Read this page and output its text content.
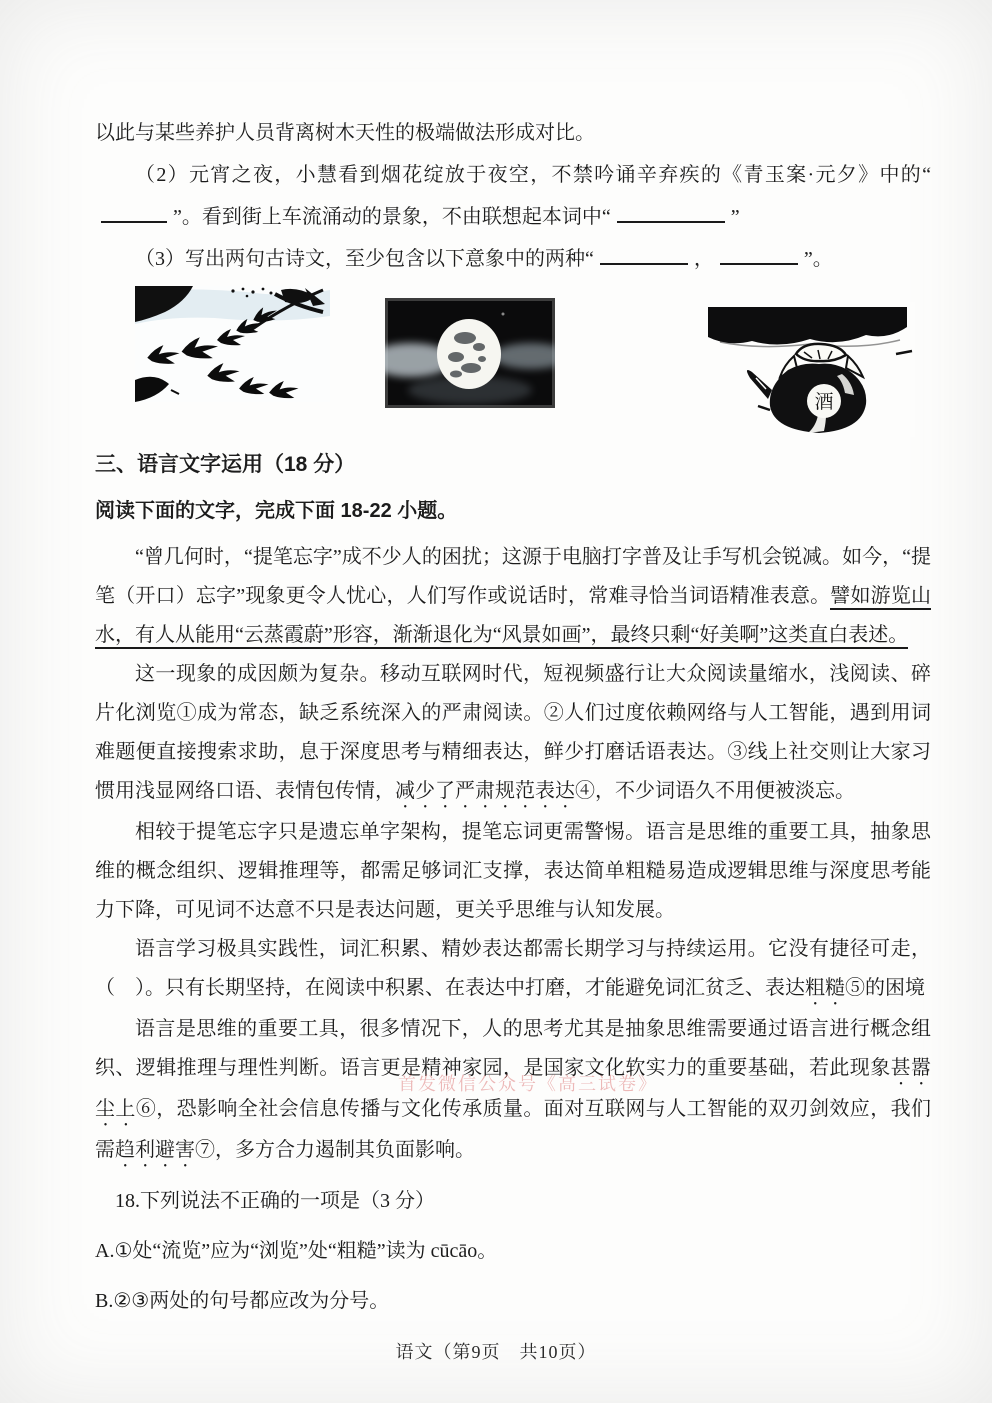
以此与某些养护人员背离树木天性的极端做法形成对比。

（2）元宵之夜，小慧看到烟花绽放于夜空，不禁吟诵辛弃疾的《青玉案·元夕》中的“”。看到街上车流涌动的景象，不由联想起本词中“	”

（3）写出两句古诗文，至少包含以下意象中的两种“	，	”。

酒

三、语言文字运用（18 分）

阅读下面的文字，完成下面 18-22 小题。

“曾几何时，“提笔忘字”成不少人的困扰；这源于电脑打字普及让手写机会锐减。如今，“提笔（开口）忘字”现象更令人忧心，人们写作或说话时，常难寻恰当词语精准表意。譬如游览山水，有人从能用“云蒸霞蔚”形容，渐渐退化为“风景如画”，最终只剩“好美啊”这类直白表述。

这一现象的成因颇为复杂。移动互联网时代，短视频盛行让大众阅读量缩水，浅阅读、碎片化浏览①成为常态，缺乏系统深入的严肃阅读。②人们过度依赖网络与人工智能，遇到用词难题便直接搜索求助，息于深度思考与精细表达，鲜少打磨话语表达。③线上社交则让大家习惯用浅显网络口语、表情包传情，减少了严肃规范表达④，不少词语久不用便被淡忘。

相较于提笔忘字只是遗忘单字架构，提笔忘词更需警惕。语言是思维的重要工具，抽象思维的概念组织、逻辑推理等，都需足够词汇支撑，表达简单粗糙易造成逻辑思维与深度思考能力下降，可见词不达意不只是表达问题，更关乎思维与认知发展。

语言学习极具实践性，词汇积累、精妙表达都需长期学习与持续运用。它没有捷径可走，（　）。只有长期坚持，在阅读中积累、在表达中打磨，才能避免词汇贫乏、表达粗糙⑤的困境

语言是思维的重要工具，很多情况下，人的思考尤其是抽象思维需要通过语言进行概念组织、逻辑推理与理性判断。语言更是精神家园，是国家文化软实力的重要基础，若此现象甚嚣尘上⑥，恐影响全社会信息传播与文化传承质量。面对互联网与人工智能的双刃剑效应，我们需趋利避害⑦，多方合力遏制其负面影响。

18.下列说法不正确的一项是（3 分）

A.①处“流览”应为“浏览”处“粗糙”读为 cūcāo。

B.②③两处的句号都应改为分号。

首发微信公众号《高三试卷》
语文（第9页　共10页）
